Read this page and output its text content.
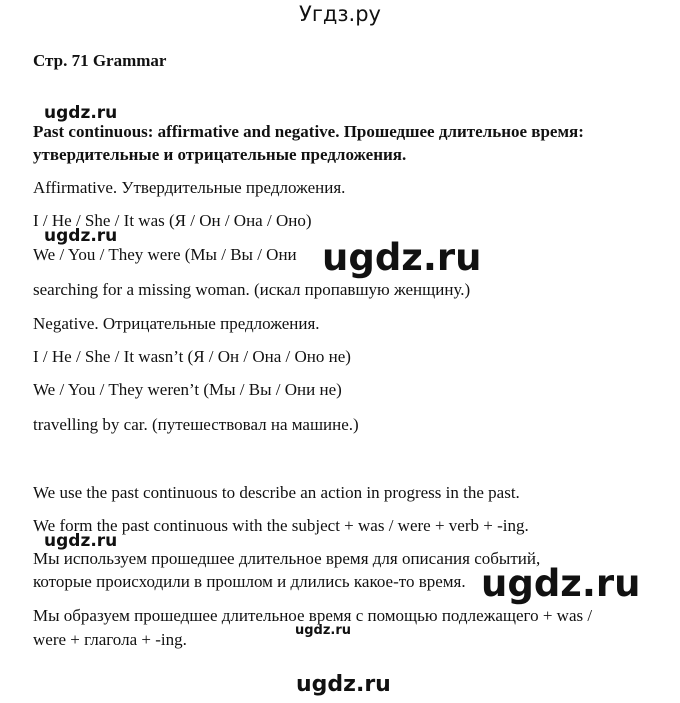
Угдз.ру
Стр. 71 Grammar
ugdz.ru
Past continuous: affirmative and negative. Прошедшее длительное время:
утвердительные и отрицательные предложения.
Affirmative. Утвердительные предложения.
I / He / She / It was (Я / Он / Она / Оно)
ugdz.ru
We / You / They were (Мы / Вы / Они ugdz.ru
searching for a missing woman. (искал пропавшую женщину.)
Negative. Отрицательные предложения.
I / He / She / It wasn’t (Я / Он / Она / Оно не)
We / You / They weren’t (Мы / Вы / Они не)
travelling by car. (путешествовал на машине.)
We use the past continuous to describe an action in progress in the past.
We form the past continuous with the subject + was / were + verb + -ing.
ugdz.ru
Мы используем прошедшее длительное время для описания событий,
которые происходили в прошлом и длились какое-то время. ugdz.ru
Мы образуем прошедшее длительное время с помощью подлежащего + was /
ugdz.ru
were + глагола + -ing.
ugdz.ru
